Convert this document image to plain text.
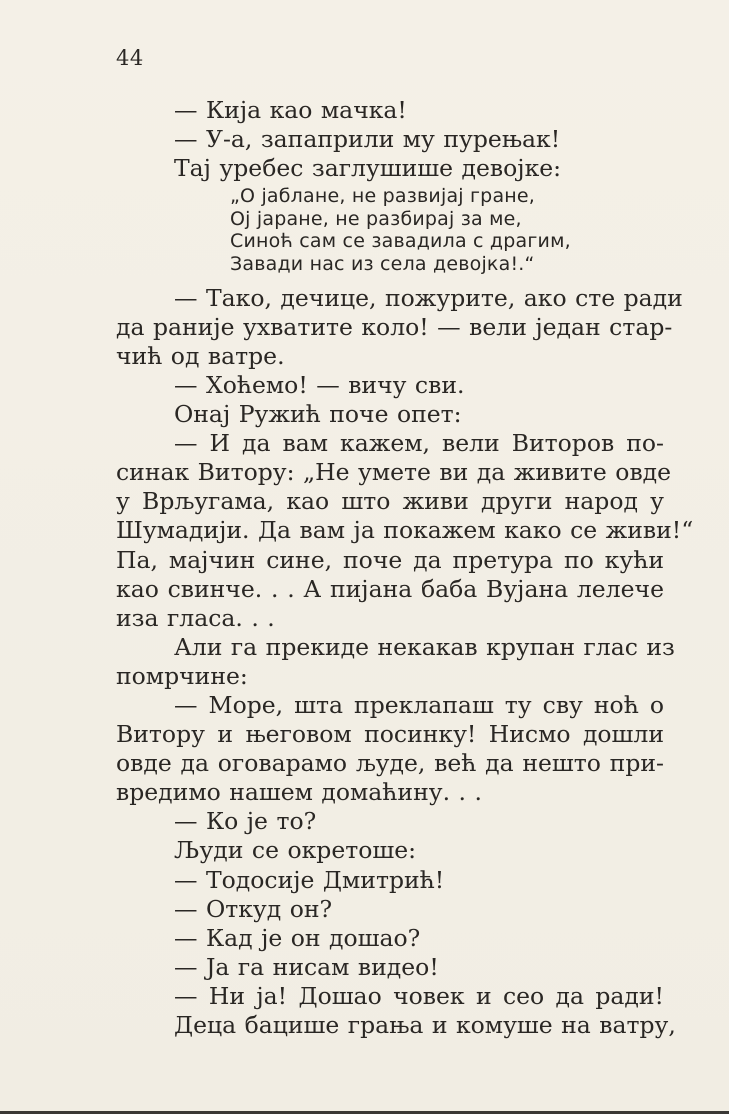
44
— Кија као мачка!
— У-а, запаприли му пурењак!
Тај уребес заглушише девојке:
„О јаблане, не развијај гране,
Ој јаране, не разбирај за ме,
Синоћ сам се завадила с драгим,
Завади нас из села девојка!.“
— Тако, дечице, пожурите, ако сте ради
да раније ухватите коло! — вели један стар-
чић од ватре.
— Хоћемо! — вичу сви.
Онај Ружић поче опет:
— И да вам кажем, вели Виторов по-
синак Витору: „Не умете ви да живите овде
у Врљугама, као што живи други народ у
Шумадији. Да вам ја покажем како се живи!“
Па, мајчин сине, поче да претура по кући
као свинче. . . А пијана баба Вујана лелече
иза гласа. . .
Али га прекиде некакав крупан глас из
помрчине:
— Море, шта преклапаш ту сву ноћ о
Витору и његовом посинку! Нисмо дошли
овде да оговарамо људе, већ да нешто при-
вредимо нашем домаћину. . .
— Ко је то?
Људи се окретоше:
— Тодосије Дмитрић!
— Откуд он?
— Кад је он дошао?
— Ја га нисам видео!
— Ни ја! Дошао човек и сео да ради!
Деца бацише грања и комуше на ватру,
